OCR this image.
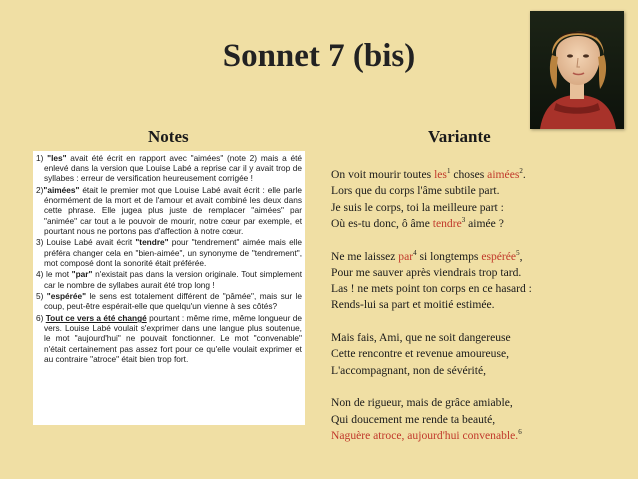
Sonnet 7 (bis)
Notes	Variante

1) "les" avait été écrit en rapport avec "aimées" (note 2) mais a été enlevé dans la version que Louise Labé a reprise car il y avait trop de syllabes : erreur de versification heureusement corrigée !

2)"aimées" était le premier mot que Louise Labé avait écrit : elle parle énormément de la mort et de l'amour et avait combiné les deux dans cette phrase. Elle jugea plus juste de remplacer "aimées" par "animée" car tout a le pouvoir de mourir, notre cœur par exemple, et pourtant nous ne portons pas d'affection à notre cœur.

3) Louise Labé avait écrit "tendre" pour "tendrement" aimée mais elle préféra changer cela en "bien-aimée", un synonyme de "tendrement", mot composé dont la sonorité était préférée.

4) le mot "par" n'existait pas dans la version originale. Tout simplement car le nombre de syllabes aurait été trop long !

5) "espérée" le sens est totalement différent de "pâmée", mais sur le coup, peut-être espérait-elle que quelqu'un vienne à ses côtés?

6) Tout ce vers a été changé pourtant : même rime, même longueur de vers. Louise Labé voulait s'exprimer dans une langue plus soutenue, le mot "aujourd'hui" ne pouvait fonctionner. Le mot "convenable" n'était certainement pas assez fort pour ce qu'elle voulait exprimer et au contraire "atroce" était bien trop fort.

On voit mourir toutes les$^1$ choses aimées$^2$.
Lors que du corps l'âme subtile part.
Je suis le corps, toi la meilleure part :
Où es-tu donc, ô âme tendre$^3$ aimée ?
Ne me laissez par$^4$ si longtemps espérée$^5$,
Pour me sauver après viendrais trop tard.
Las ! ne mets point ton corps en ce hasard :
Rends-lui sa part et moitié estimée.
Mais fais, Ami, que ne soit dangereuse
Cette rencontre et revenue amoureuse,
L'accompagnant, non de sévérité,
Non de rigueur, mais de grâce amiable,
Qui doucement me rende ta beauté,
Naguère atroce, aujourd'hui convenable.$^6$
